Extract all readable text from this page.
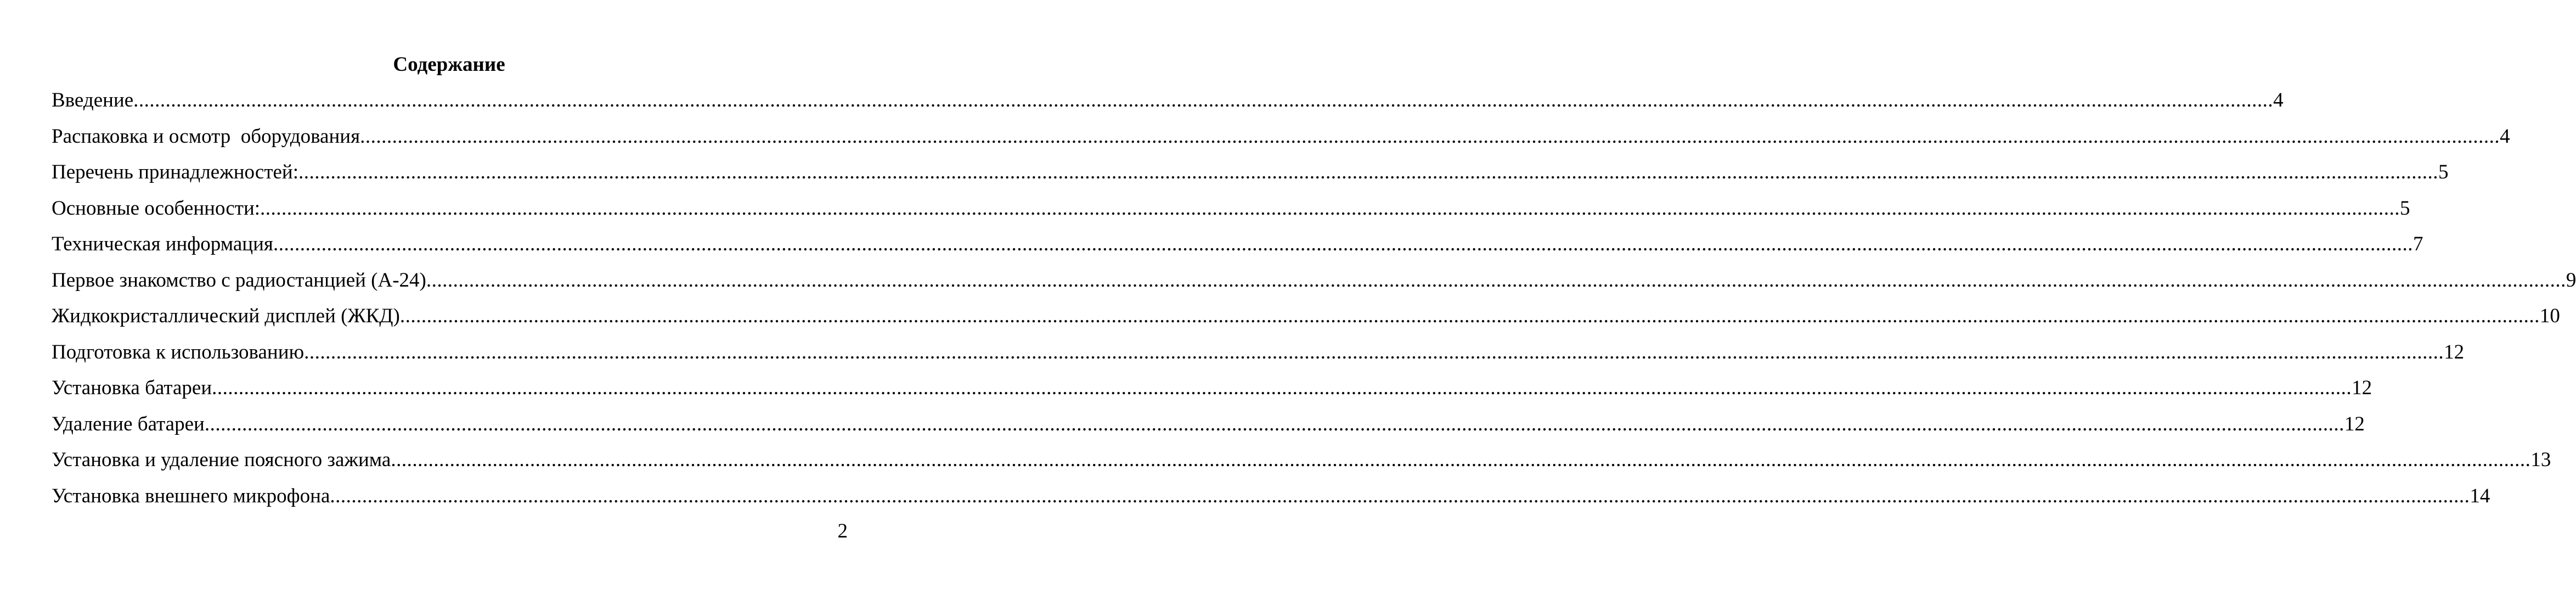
Содержание
Введение ................................................................................................................................................................................................................................................................................................................................................................................................................ 4
Распаковка и осмотр  оборудования ................................................................................................................................................................................................................................................................................................................................................................................................................ 4
Перечень принадлежностей: ................................................................................................................................................................................................................................................................................................................................................................................................................ 5
Основные особенности: ................................................................................................................................................................................................................................................................................................................................................................................................................ 5
Техническая информация ................................................................................................................................................................................................................................................................................................................................................................................................................ 7
Первое знакомство с радиостанцией (А-24) ................................................................................................................................................................................................................................................................................................................................................................................................................ 9
Жидкокристаллический дисплей (ЖКД) ................................................................................................................................................................................................................................................................................................................................................................................................................ 10
Подготовка к использованию ................................................................................................................................................................................................................................................................................................................................................................................................................ 12
Установка батареи ................................................................................................................................................................................................................................................................................................................................................................................................................ 12
Удаление батареи ................................................................................................................................................................................................................................................................................................................................................................................................................ 12
Установка и удаление поясного зажима ................................................................................................................................................................................................................................................................................................................................................................................................................ 13
Установка внешнего микрофона ................................................................................................................................................................................................................................................................................................................................................................................................................ 14
2
